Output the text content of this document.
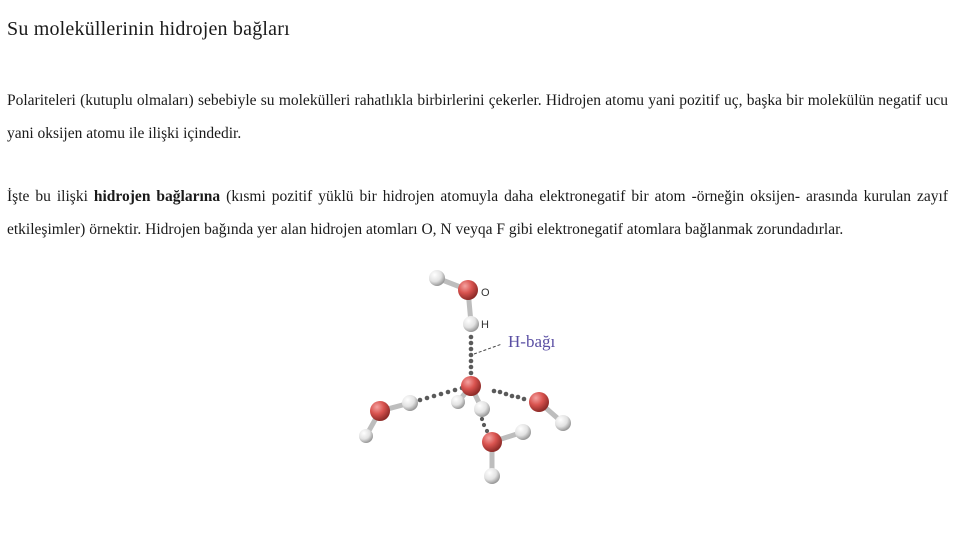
Su moleküllerinin hidrojen bağları

Polariteleri (kutuplu olmaları) sebebiyle su molekülleri rahatlıkla birbirlerini çekerler. Hidrojen atomu yani pozitif uç, başka bir molekülün negatif ucu yani oksijen atomu ile ilişki içindedir.

İşte bu ilişki hidrojen bağlarına (kısmi pozitif yüklü bir hidrojen atomuyla daha elektronegatif bir atom -örneğin oksijen- arasında kurulan zayıf etkileşimler) örnektir. Hidrojen bağında yer alan hidrojen atomları O, N veyqa F gibi elektronegatif atomlara bağlanmak zorundadırlar.

O
H
H-bağı
